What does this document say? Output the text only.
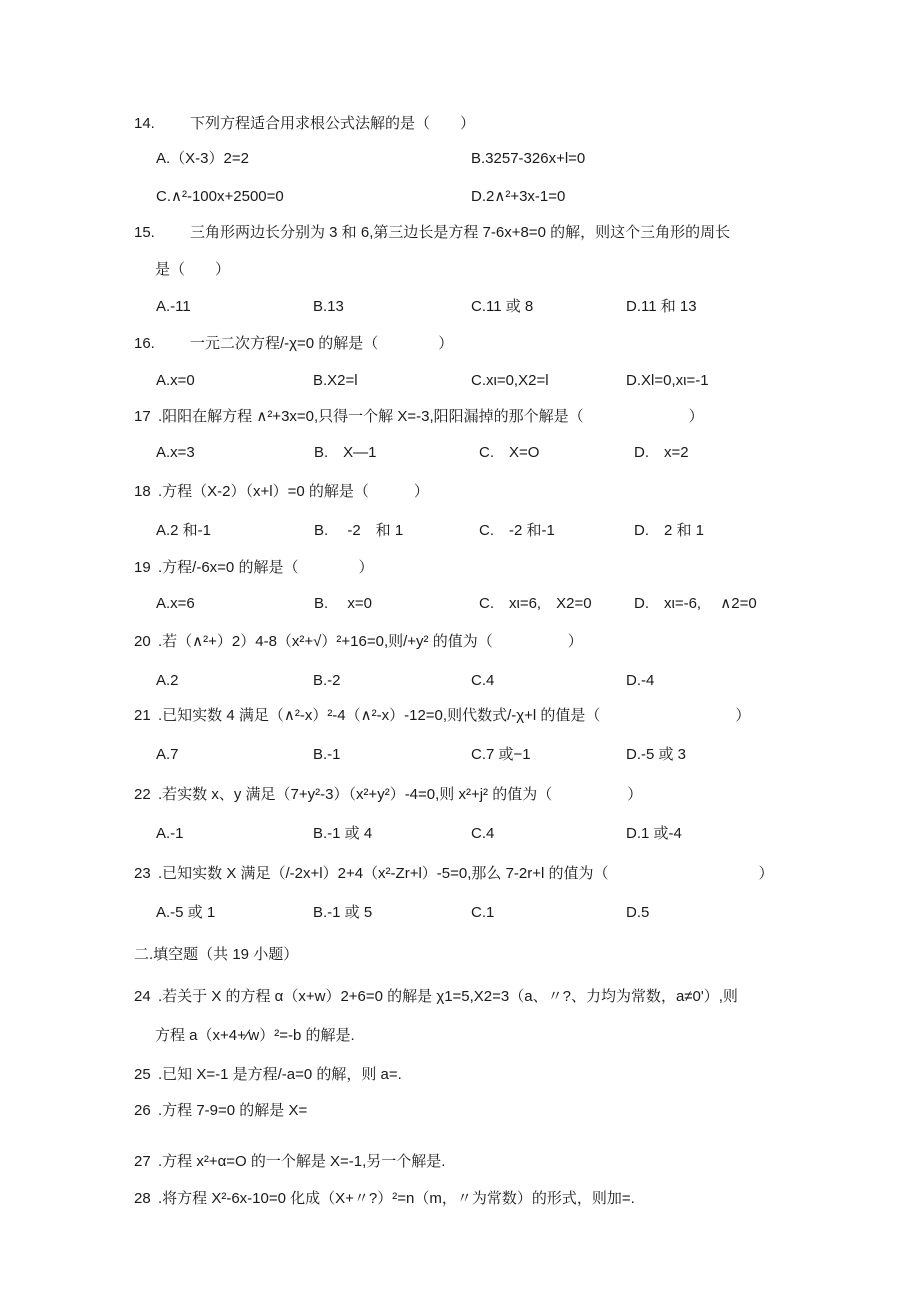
14. 下列方程适合用求根公式法解的是（　　）
A.（X-3）2=2	B.3257-326x+l=0
C.∧²-100x+2500=0	D.2∧²+3x-1=0
15. 三角形两边长分别为 3 和 6,第三边长是方程 7-6x+8=0 的解，则这个三角形的周长
是（　　）
A.-11	B.13	C.11 或 8	D.11 和 13
16. 一元二次方程/-χ=0 的解是（　　　　）
A.x=0	B.X2=l	C.xι=0,X2=l	D.Xl=0,xι=-1
17 .阳阳在解方程 ∧²+3x=0,只得一个解 X=-3,阳阳漏掉的那个解是（　　　　　　　）
A.x=3	B.　X—1	C.　X=O	D.　x=2
18 .方程（X-2）（x+l）=0 的解是（　　　）
A.2 和-1	B.　 -2　和 1	C.　-2 和-1	D.　2 和 1
19 .方程/-6x=0 的解是（　　　　）
A.x=6	B.　 x=0	C.　xι=6,　X2=0	D.　xι=-6,　 ∧2=0
20 .若（∧²+）2）4-8（x²+√）²+16=0,则/+y² 的值为（　　　　　）
A.2	B.-2	C.4	D.-4
21 .已知实数 4 满足（∧²-x）²-4（∧²-x）-12=0,则代数式/-χ+l 的值是（　　　　　　　　　）
A.7	B.-1	C.7 或−1	D.-5 或 3
22 .若实数 x、y 满足（7+y²-3）（x²+y²）-4=0,则 x²+j² 的值为（　　　　　）
A.-1	B.-1 或 4	C.4	D.1 或-4
23 .已知实数 X 满足（/-2x+l）2+4（x²-Zr+l）-5=0,那么 7-2r+l 的值为（　　　　　　　　　　）
A.-5 或 1	B.-1 或 5	C.1	D.5
二.填空题（共 19 小题）
24 .若关于 X 的方程 α（x+w）2+6=0 的解是 χ1=5,X2=3（a、〃?、力均为常数，a≠0'）,则
方程 a（x+4+∕w）²=-b 的解是.
25 .已知 X=-1 是方程/-a=0 的解，则 a=.
26 .方程 7-9=0 的解是 X=
27 .方程 x²+α=O 的一个解是 X=-1,另一个解是.
28 .将方程 X²-6x-10=0 化成（X+〃?）²=n（m，〃为常数）的形式，则加=.
